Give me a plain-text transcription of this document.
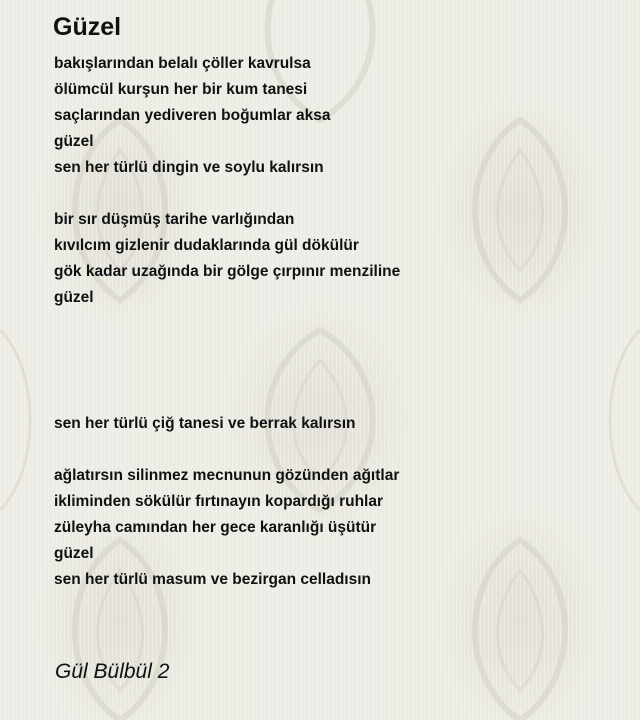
Güzel
bakışlarından belalı çöller kavrulsa
ölümcül kurşun her bir kum tanesi
saçlarından yediveren boğumlar aksa
güzel
sen her türlü dingin ve soylu kalırsın
bir sır düşmüş tarihe varlığından
kıvılcım gizlenir dudaklarında gül dökülür
gök kadar uzağında bir gölge çırpınır menziline
güzel
sen her türlü çiğ tanesi ve berrak kalırsın
ağlatırsın silinmez mecnunun gözünden ağıtlar
ikliminden sökülür fırtınayın kopardığı ruhlar
züleyha camından her gece karanlığı üşütür
güzel
sen her türlü masum ve bezirgan celladısın
Gül Bülbül 2
